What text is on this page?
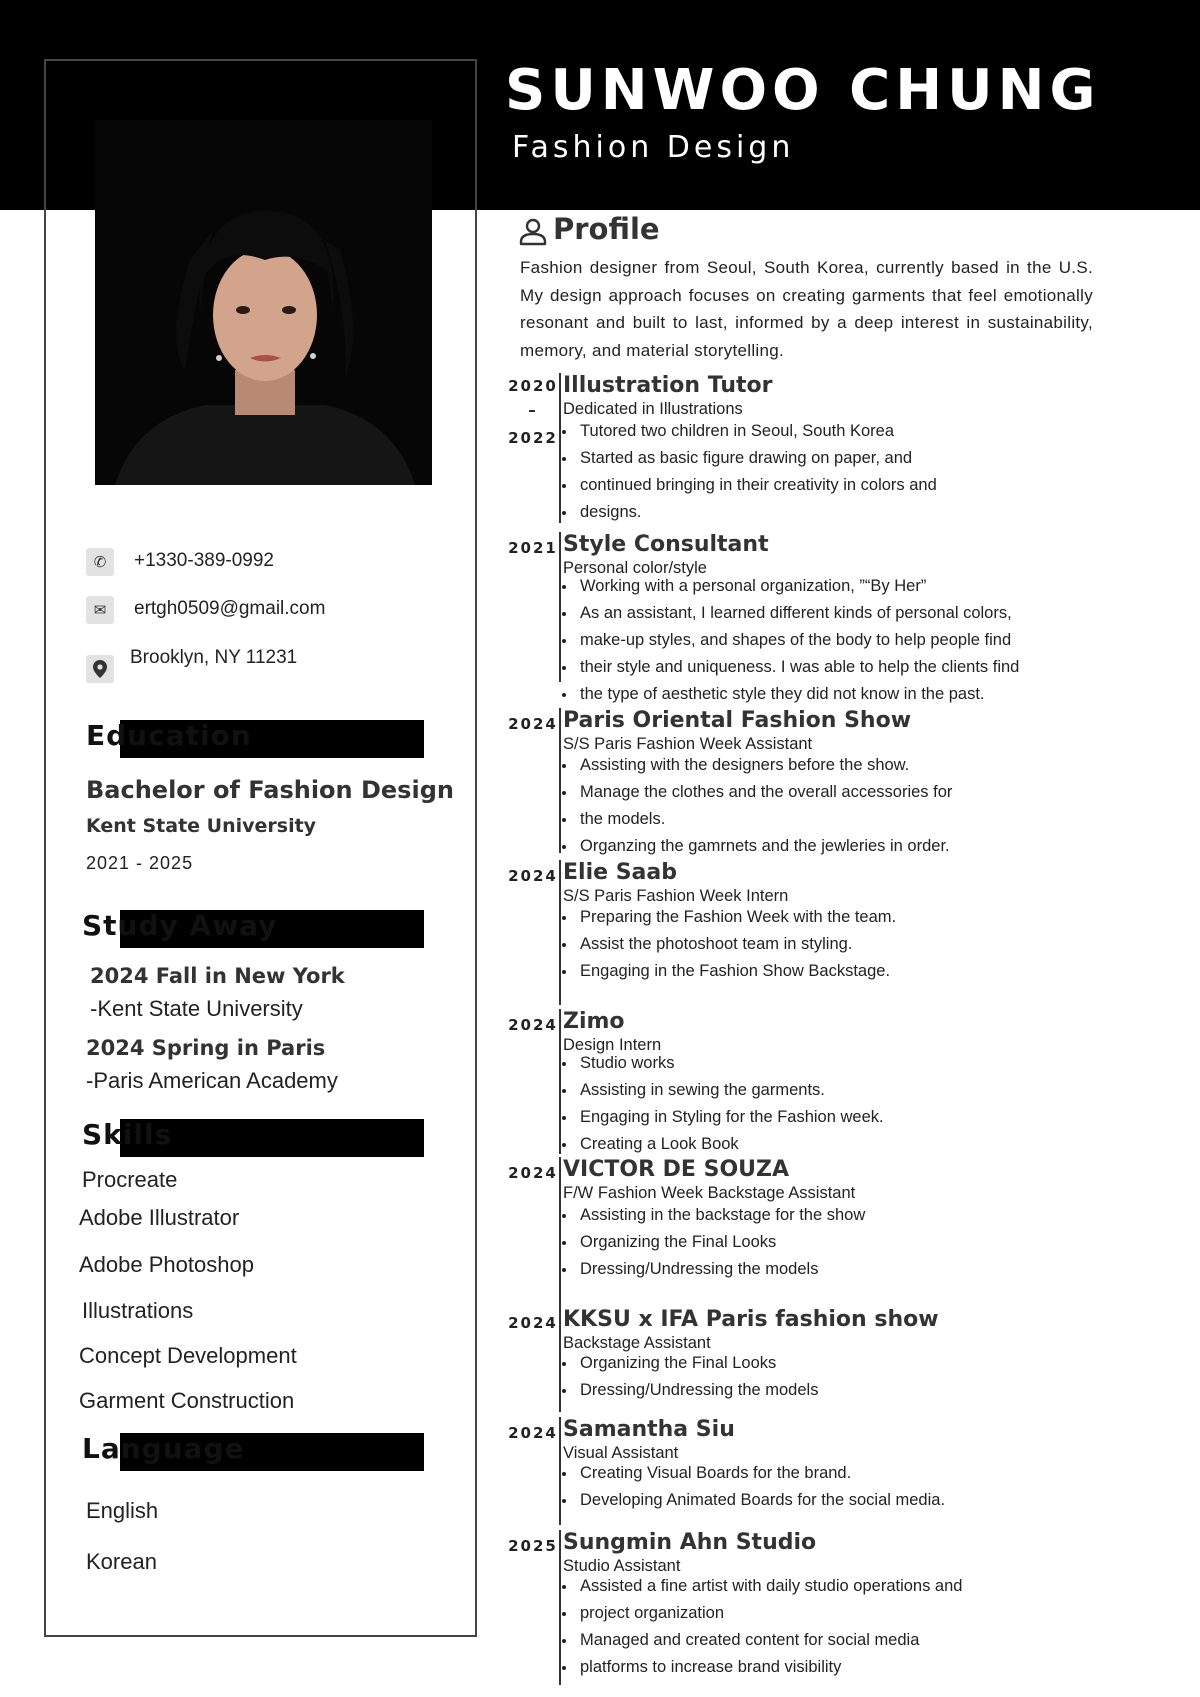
SUNWOO CHUNG
Fashion Design
✆	+1330-389-0992
✉	ertgh0509@gmail.com
Brooklyn, NY 11231
Education
Bachelor of Fashion Design
Kent State University
2021 - 2025
Study Away
2024 Fall in New York
-Kent State University
2024 Spring in Paris
-Paris American Academy
Skills
Procreate
Adobe Illustrator
Adobe Photoshop
Illustrations
Concept Development
Garment Construction
Language
English
Korean
Profile
Fashion designer from Seoul, South Korea, currently based in the U.S. My design approach focuses on creating garments that feel emotionally resonant and built to last, informed by a deep interest in sustainability, memory, and material storytelling.
2020
–
2022
Illustration Tutor
Dedicated in Illustrations
Tutored two children in Seoul, South Korea
Started as basic figure drawing on paper, and
continued bringing in their creativity in colors and
designs.
2021 Style Consultant
Personal color/style
Working with a personal organization, ”“By Her”
As an assistant, I learned different kinds of personal colors,
make-up styles, and shapes of the body to help people find
their style and uniqueness. I was able to help the clients find
the type of aesthetic style they did not know in the past.
2024 Paris Oriental Fashion Show
S/S Paris Fashion Week Assistant
Assisting with the designers before the show.
Manage the clothes and the overall accessories for
the models.
Organzing the gamrnets and the jewleries in order.
2024 Elie Saab
S/S Paris Fashion Week Intern
Preparing the Fashion Week with the team.
Assist the photoshoot team in styling.
Engaging in the Fashion Show Backstage.
2024 Zimo
Design Intern
Studio works
Assisting in sewing the garments.
Engaging in Styling for the Fashion week.
Creating a Look Book
2024 VICTOR DE SOUZA
F/W Fashion Week Backstage Assistant
Assisting in the backstage for the show
Organizing the Final Looks
Dressing/Undressing the models
2024 KKSU x IFA Paris fashion show
Backstage Assistant
Organizing the Final Looks
Dressing/Undressing the models
2024 Samantha Siu
Visual Assistant
Creating Visual Boards for the brand.
Developing Animated Boards for the social media.
2025 Sungmin Ahn Studio
Studio Assistant
Assisted a fine artist with daily studio operations and
project organization
Managed and created content for social media
platforms to increase brand visibility
